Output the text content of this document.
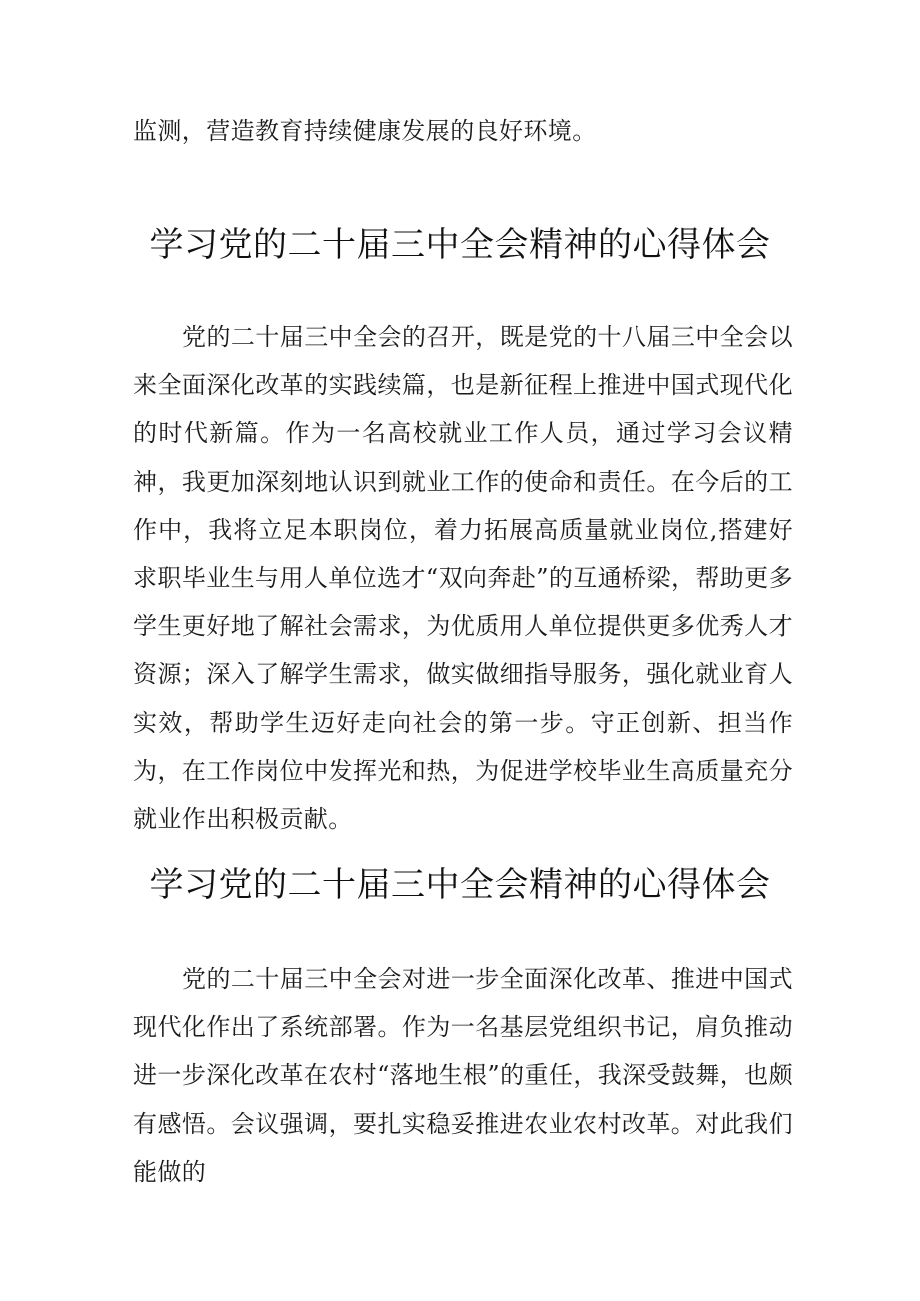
监测，营造教育持续健康发展的良好环境。

学习党的二十届三中全会精神的心得体会

党的二十届三中全会的召开，既是党的十八届三中全会以来全面深化改革的实践续篇，也是新征程上推进中国式现代化的时代新篇。作为一名高校就业工作人员，通过学习会议精神，我更加深刻地认识到就业工作的使命和责任。在今后的工作中，我将立足本职岗位，着力拓展高质量就业岗位,搭建好求职毕业生与用人单位选才“双向奔赴”的互通桥梁，帮助更多学生更好地了解社会需求，为优质用人单位提供更多优秀人才资源；深入了解学生需求，做实做细指导服务，强化就业育人实效，帮助学生迈好走向社会的第一步。守正创新、担当作为，在工作岗位中发挥光和热，为促进学校毕业生高质量充分就业作出积极贡献。

学习党的二十届三中全会精神的心得体会

党的二十届三中全会对进一步全面深化改革、推进中国式现代化作出了系统部署。作为一名基层党组织书记，肩负推动进一步深化改革在农村“落地生根”的重任，我深受鼓舞，也颇有感悟。会议强调，要扎实稳妥推进农业农村改革。对此我们能做的
